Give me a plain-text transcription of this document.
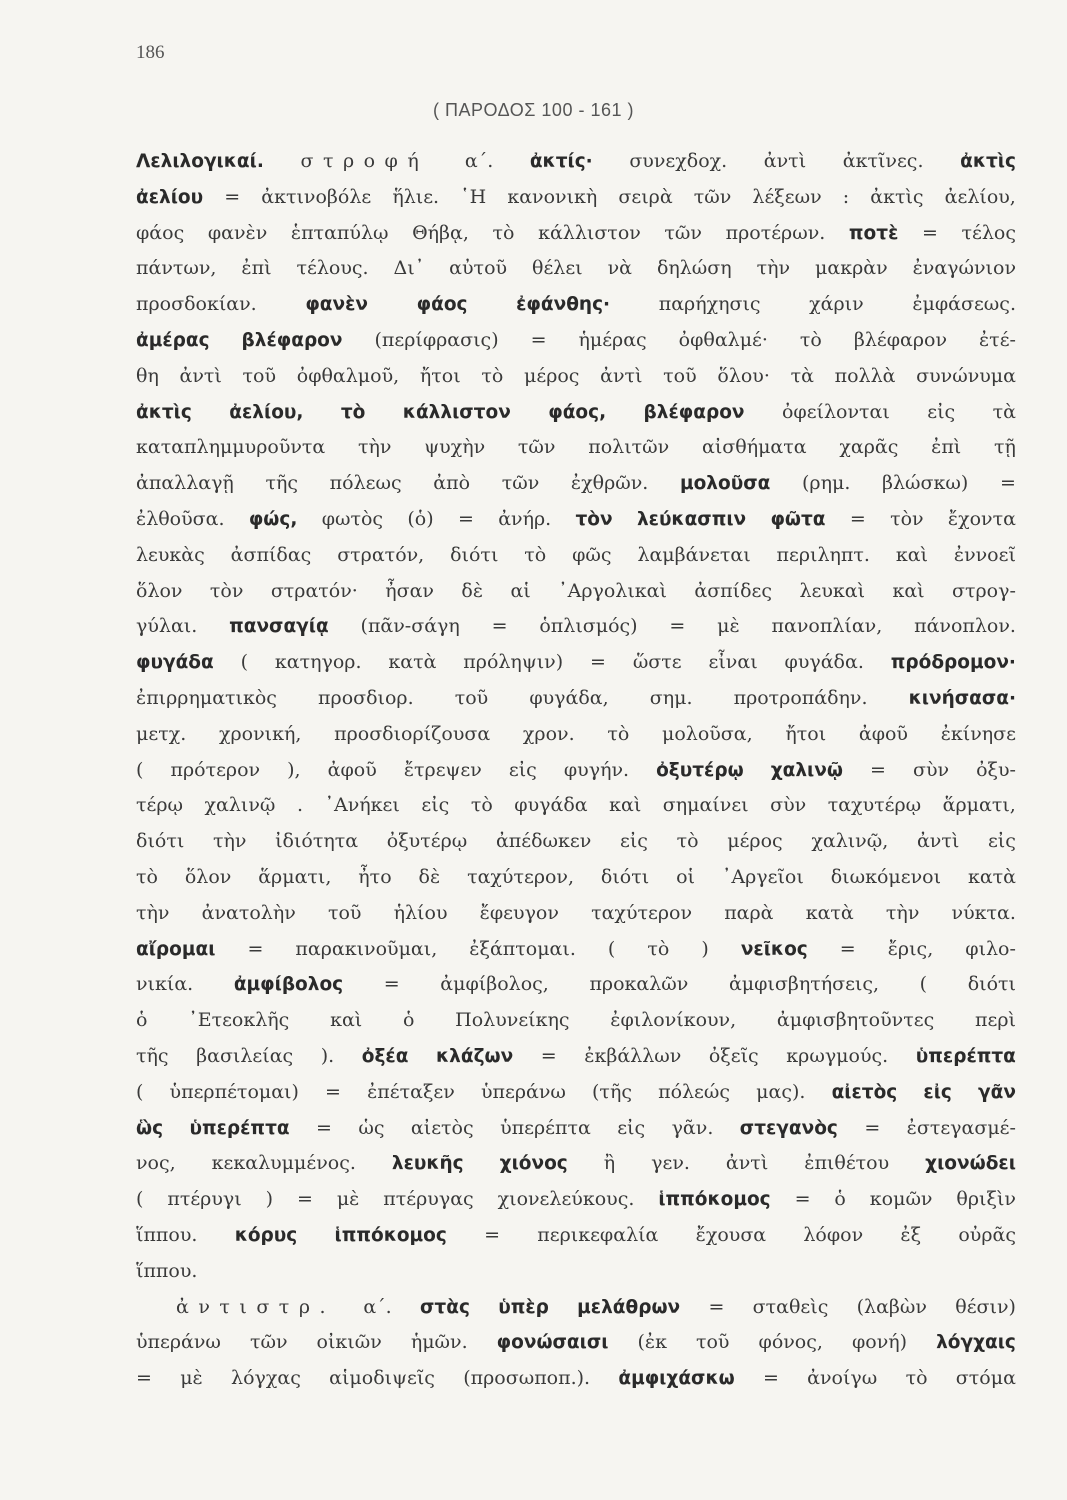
186
( ΠΑΡΟΔΟΣ 100 - 161 )
Λελιλογικαί. στροφή α΄. ἀκτίς· συνεχδοχ. ἀντὶ ἀκτῖνες. ἀκτὶς
ἀελίου = ἀκτινοβόλε ἥλιε. ῾Η κανονικὴ σειρὰ τῶν λέξεων : ἀκτὶς ἀελίου,
φάος φανὲν ἑπταπύλῳ Θήβᾳ, τὸ κάλλιστον τῶν προτέρων. ποτὲ = τέλος
πάντων, ἐπὶ τέλους. Δι᾿ αὐτοῦ θέλει νὰ δηλώση τὴν μακρὰν ἐναγώνιον
προσδοκίαν.	φανὲν	φάος	ἐφάνθης·	παρήχησις	χάριν	ἐμφάσεως.
ἀμέρας βλέφαρον (περίφρασις) = ἡμέρας ὀφθαλμέ· τὸ βλέφαρον ἐτέ-
θη ἀντὶ τοῦ ὀφθαλμοῦ, ἤτοι τὸ μέρος ἀντὶ τοῦ ὅλου· τὰ πολλὰ συνώνυμα
ἀκτὶς ἀελίου, τὸ κάλλιστον φάος, βλέφαρον ὀφείλονται εἰς τὰ
καταπλημμυροῦντα τὴν ψυχὴν τῶν πολιτῶν αἰσθήματα χαρᾶς ἐπὶ τῇ
ἀπαλλαγῇ τῆς πόλεως ἀπὸ τῶν ἐχθρῶν. μολοῦσα (ρημ. βλώσκω) =
ἐλθοῦσα. φώς, φωτὸς (ὁ) = ἀνήρ. τὸν λεύκασπιν φῶτα = τὸν ἔχοντα
λευκὰς ἀσπίδας στρατόν, διότι τὸ φῶς λαμβάνεται περιληπτ. καὶ ἐννοεῖ
ὅλον τὸν στρατόν· ἦσαν δὲ αἱ ᾿Αργολικαὶ ἀσπίδες λευκαὶ καὶ στρογ-
γύλαι. πανσαγίᾳ (πᾶν-σάγη = ὁπλισμός) = μὲ πανοπλίαν, πάνοπλον.
φυγάδα ( κατηγορ. κατὰ πρόληψιν) = ὥστε εἶναι φυγάδα. πρόδρομον·
ἐπιρρηματικὸς προσδιορ. τοῦ φυγάδα, σημ. προτροπάδην. κινήσασα·
μετχ. χρονική, προσδιορίζουσα χρον. τὸ μολοῦσα, ἤτοι ἀφοῦ ἐκίνησε
( πρότερον ), ἀφοῦ ἔτρεψεν εἰς φυγήν. ὀξυτέρῳ χαλινῷ = σὺν ὀξυ-
τέρῳ χαλινῷ . ᾿Ανήκει εἰς τὸ φυγάδα καὶ σημαίνει σὺν ταχυτέρῳ ἅρματι,
διότι τὴν ἰδιότητα ὀξυτέρῳ ἀπέδωκεν εἰς τὸ μέρος χαλινῷ, ἀντὶ εἰς
τὸ ὅλον ἅρματι, ἦτο δὲ ταχύτερον, διότι οἱ ᾿Αργεῖοι διωκόμενοι κατὰ
τὴν ἀνατολὴν τοῦ ἡλίου ἔφευγον ταχύτερον παρὰ κατὰ τὴν νύκτα.
αἴρομαι = παρακινοῦμαι, ἐξάπτομαι. ( τὸ ) νεῖκος = ἔρις, φιλο-
νικία. ἀμφίβολος = ἀμφίβολος, προκαλῶν ἀμφισβητήσεις, ( διότι
ὁ ᾿Ετεοκλῆς καὶ ὁ Πολυνείκης ἐφιλονίκουν, ἀμφισβητοῦντες περὶ
τῆς βασιλείας ). ὀξέα κλάζων = ἐκβάλλων ὀξεῖς κρωγμούς. ὑπερέπτα
( ὑπερπέτομαι) = ἐπέταξεν ὑπεράνω (τῆς πόλεώς μας). αἰετὸς εἰς γᾶν
ὣς ὑπερέπτα = ὡς αἰετὸς ὑπερέπτα εἰς γᾶν. στεγανὸς = ἐστεγασμέ-
νος, κεκαλυμμένος. λευκῆς χιόνος ἢ γεν. ἀντὶ ἐπιθέτου χιονώδει
( πτέρυγι ) = μὲ πτέρυγας χιονελεύκους. ἱππόκομος = ὁ κομῶν θριξὶν
ἵππου. κόρυς ἱππόκομος = περικεφαλία ἔχουσα λόφον ἐξ οὐρᾶς
ἵππου.
ἀντιστρ. α΄. στὰς ὑπὲρ μελάθρων = σταθεὶς (λαβὼν θέσιν)
ὑπεράνω τῶν οἰκιῶν ἡμῶν. φονώσαισι (ἐκ τοῦ φόνος, φονή) λόγχαις
= μὲ λόγχας αἱμοδιψεῖς (προσωποπ.). ἀμφιχάσκω = ἀνοίγω τὸ στόμα
